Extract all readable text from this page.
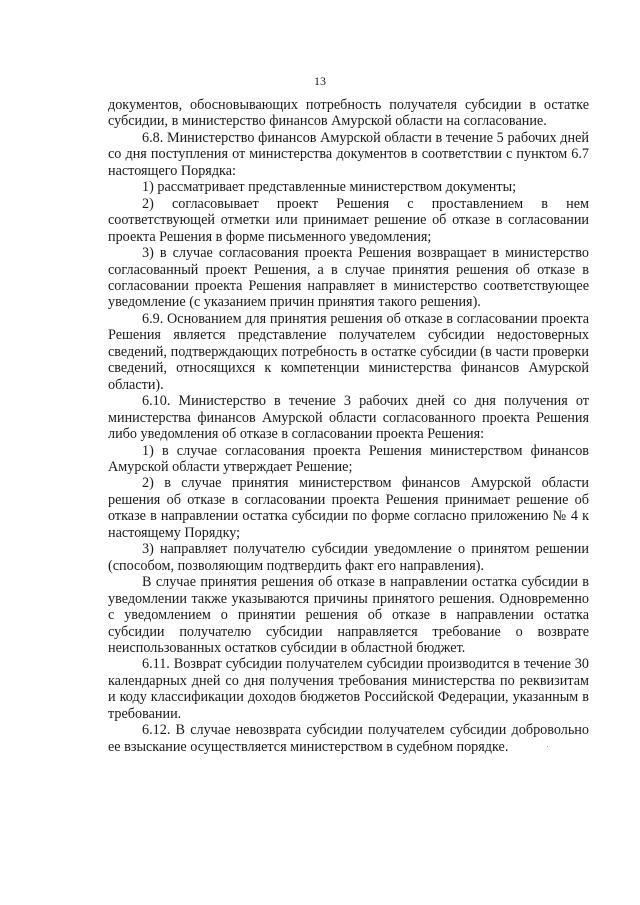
13

документов, обосновывающих потребность получателя субсидии в остатке субсидии, в министерство финансов Амурской области на согласование.

6.8. Министерство финансов Амурской области в течение 5 рабочих дней со дня поступления от министерства документов в соответствии с пунктом 6.7 настоящего Порядка:

1) рассматривает представленные министерством документы;

2) согласовывает проект Решения с проставлением в нем соответствующей отметки или принимает решение об отказе в согласовании проекта Решения в форме письменного уведомления;

3) в случае согласования проекта Решения возвращает в министерство согласованный проект Решения, а в случае принятия решения об отказе в согласовании проекта Решения направляет в министерство соответствующее уведомление (с указанием причин принятия такого решения).

6.9. Основанием для принятия решения об отказе в согласовании проекта Решения является представление получателем субсидии недостоверных сведений, подтверждающих потребность в остатке субсидии (в части проверки сведений, относящихся к компетенции министерства финансов Амурской области).

6.10. Министерство в течение 3 рабочих дней со дня получения от министерства финансов Амурской области согласованного проекта Решения либо уведомления об отказе в согласовании проекта Решения:

1) в случае согласования проекта Решения министерством финансов Амурской области утверждает Решение;

2) в случае принятия министерством финансов Амурской области решения об отказе в согласовании проекта Решения принимает решение об отказе в направлении остатка субсидии по форме согласно приложению № 4 к настоящему Порядку;

3) направляет получателю субсидии уведомление о принятом решении (способом, позволяющим подтвердить факт его направления).

В случае принятия решения об отказе в направлении остатка субсидии в уведомлении также указываются причины принятого решения. Одновременно с уведомлением о принятии решения об отказе в направлении остатка субсидии получателю субсидии направляется требование о возврате неиспользованных остатков субсидии в областной бюджет.

6.11. Возврат субсидии получателем субсидии производится в течение 30 календарных дней со дня получения требования министерства по реквизитам и коду классификации доходов бюджетов Российской Федерации, указанным в требовании.

6.12. В случае невозврата субсидии получателем субсидии добровольно ее взыскание осуществляется министерством в судебном порядке.
